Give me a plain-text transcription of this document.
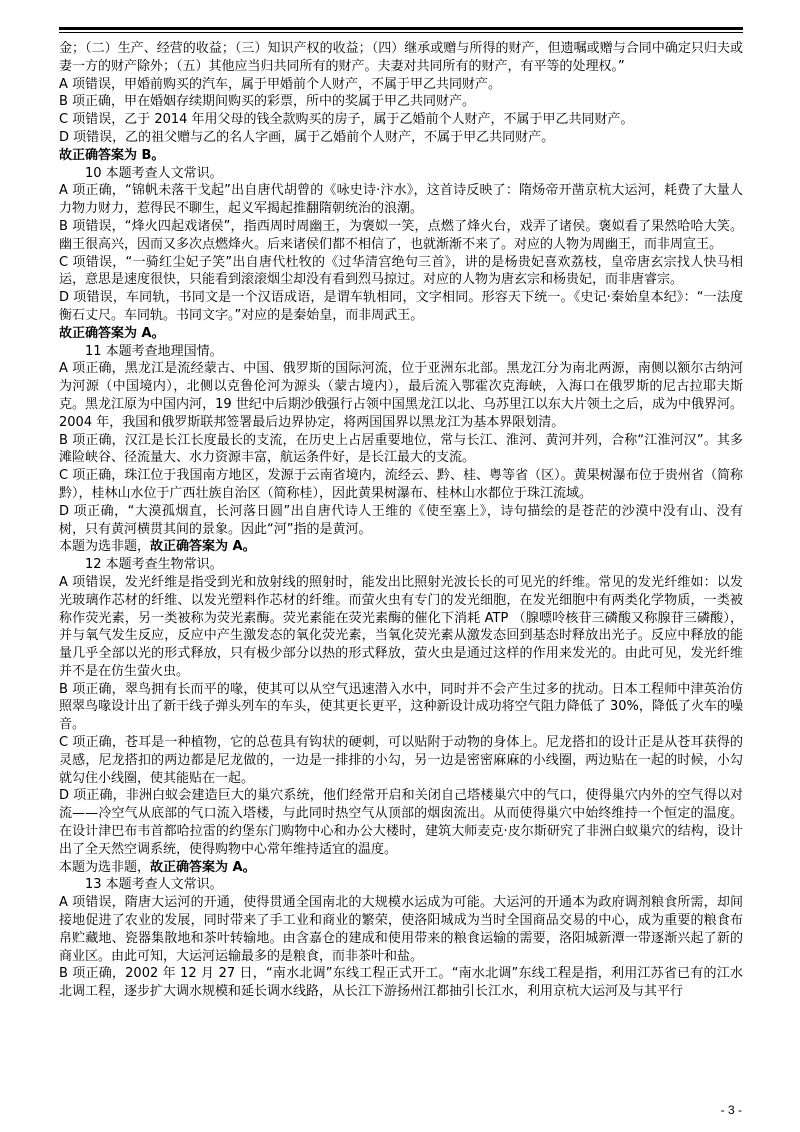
金；（二）生产、经营的收益；（三）知识产权的收益；（四）继承或赠与所得的财产，但遗嘱或赠与合同中确定只归夫或妻一方的财产除外；（五）其他应当归共同所有的财产。夫妻对共同所有的财产，有平等的处理权。”

A 项错误，甲婚前购买的汽车，属于甲婚前个人财产，不属于甲乙共同财产。

B 项正确，甲在婚姻存续期间购买的彩票，所中的奖属于甲乙共同财产。

C 项错误，乙于 2014 年用父母的钱全款购买的房子，属于乙婚前个人财产，不属于甲乙共同财产。

D 项错误，乙的祖父赠与乙的名人字画，属于乙婚前个人财产，不属于甲乙共同财产。

故正确答案为 B。

10 本题考查人文常识。

A 项正确，“锦帆未落干戈起”出自唐代胡曾的《咏史诗·汴水》，这首诗反映了：隋炀帝开凿京杭大运河，耗费了大量人力物力财力，惹得民不聊生，起义军揭起推翻隋朝统治的浪潮。

B 项错误，“烽火四起戏诸侯”，指西周时周幽王，为褒姒一笑，点燃了烽火台，戏弄了诸侯。褒姒看了果然哈哈大笑。幽王很高兴，因而又多次点燃烽火。后来诸侯们都不相信了，也就渐渐不来了。对应的人物为周幽王，而非周宣王。

C 项错误，“一骑红尘妃子笑”出自唐代杜牧的《过华清宫绝句三首》，讲的是杨贵妃喜欢荔枝，皇帝唐玄宗找人快马相运，意思是速度很快，只能看到滚滚烟尘却没有看到烈马掠过。对应的人物为唐玄宗和杨贵妃，而非唐睿宗。

D 项错误，车同轨，书同文是一个汉语成语，是谓车轨相同，文字相同。形容天下统一。《史记·秦始皇本纪》：“一法度衡石丈尺。车同轨。书同文字。”对应的是秦始皇，而非周武王。

故正确答案为 A。

11 本题考查地理国情。

A 项正确，黑龙江是流经蒙古、中国、俄罗斯的国际河流，位于亚洲东北部。黑龙江分为南北两源，南侧以额尔古纳河为河源（中国境内），北侧以克鲁伦河为源头（蒙古境内），最后流入鄂霍次克海峡，入海口在俄罗斯的尼古拉耶夫斯克。黑龙江原为中国内河，19 世纪中后期沙俄强行占领中国黑龙江以北、乌苏里江以东大片领土之后，成为中俄界河。2004 年，我国和俄罗斯联邦签署最后边界协定，将两国国界以黑龙江为基本界限划清。

B 项正确，汉江是长江长度最长的支流，在历史上占居重要地位，常与长江、淮河、黄河并列，合称“江淮河汉”。其多滩险峡谷、径流量大、水力资源丰富，航运条件好，是长江最大的支流。

C 项正确，珠江位于我国南方地区，发源于云南省境内，流经云、黔、桂、粤等省（区）。黄果树瀑布位于贵州省（简称黔），桂林山水位于广西壮族自治区（简称桂），因此黄果树瀑布、桂林山水都位于珠江流域。

D 项正确，“大漠孤烟直，长河落日圆”出自唐代诗人王维的《使至塞上》，诗句描绘的是苍茫的沙漠中没有山、没有树，只有黄河横贯其间的景象。因此“河”指的是黄河。

本题为选非题，故正确答案为 A。

12 本题考查生物常识。

A 项错误，发光纤维是指受到光和放射线的照射时，能发出比照射光波长长的可见光的纤维。常见的发光纤维如：以发光玻璃作芯材的纤维、以发光塑料作芯材的纤维。而萤火虫有专门的发光细胞，在发光细胞中有两类化学物质，一类被称作荧光素，另一类被称为荧光素酶。荧光素能在荧光素酶的催化下消耗 ATP （腺嘌呤核苷三磷酸又称腺苷三磷酸），并与氧气发生反应，反应中产生激发态的氧化荧光素，当氧化荧光素从激发态回到基态时释放出光子。反应中释放的能量几乎全部以光的形式释放，只有极少部分以热的形式释放，萤火虫是通过这样的作用来发光的。由此可见，发光纤维并不是在仿生萤火虫。

B 项正确，翠鸟拥有长而平的喙，使其可以从空气迅速潜入水中，同时并不会产生过多的扰动。日本工程师中津英治仿照翠鸟喙设计出了新干线子弹头列车的车头，使其更长更平，这种新设计成功将空气阻力降低了 30%，降低了火车的噪音。

C 项正确，苍耳是一种植物，它的总苞具有钩状的硬刺，可以贴附于动物的身体上。尼龙搭扣的设计正是从苍耳获得的灵感，尼龙搭扣的两边都是尼龙做的，一边是一排排的小勾，另一边是密密麻麻的小线圈，两边贴在一起的时候，小勾就勾住小线圈，使其能贴在一起。

D 项正确，非洲白蚁会建造巨大的巢穴系统，他们经常开启和关闭自己塔楼巢穴中的气口，使得巢穴内外的空气得以对流——冷空气从底部的气口流入塔楼，与此同时热空气从顶部的烟囱流出。从而使得巢穴中始终维持一个恒定的温度。在设计津巴布韦首都哈拉雷的约堡东门购物中心和办公大楼时，建筑大师麦克·皮尔斯研究了非洲白蚁巢穴的结构，设计出了全天然空调系统，使得购物中心常年维持适宜的温度。

本题为选非题，故正确答案为 A。

13 本题考查人文常识。

A 项错误，隋唐大运河的开通，使得贯通全国南北的大规模水运成为可能。大运河的开通本为政府调剂粮食所需，却间接地促进了农业的发展，同时带来了手工业和商业的繁荣，使洛阳城成为当时全国商品交易的中心，成为重要的粮食布帛贮藏地、瓷器集散地和茶叶转输地。由含嘉仓的建成和使用带来的粮食运输的需要，洛阳城新潭一带逐渐兴起了新的商业区。由此可知，大运河运输最多的是粮食，而非茶叶和盐。

B 项正确，2002 年 12 月 27 日，“南水北调”东线工程正式开工。“南水北调”东线工程是指，利用江苏省已有的江水北调工程，逐步扩大调水规模和延长调水线路，从长江下游扬州江都抽引长江水，利用京杭大运河及与其平行

- 3 -
